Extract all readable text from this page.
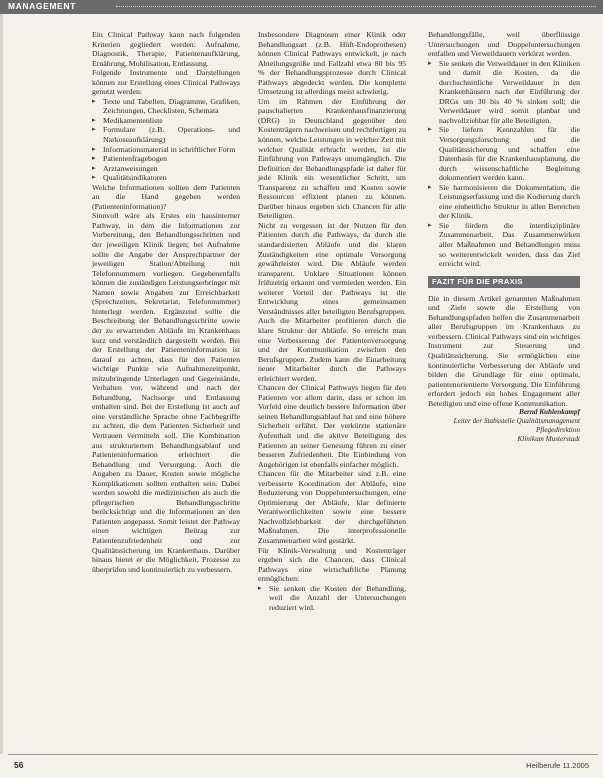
MANAGEMENT

Ein Clinical Pathway kann nach folgenden Kriterien gegliedert werden: Aufnahme, Diagnostik, Therapie, Patientenaufklärung, Ernährung, Mobilisation, Entlassung.

Folgende Instrumente und Darstellungen können zur Erstellung eines Clinical Pathways genutzt werden:

▸ Texte und Tabellen, Diagramme, Grafiken, Zeichnungen, Checklisten, Schemata
▸ Medikamentenliste
▸ Formulare (z.B. Operations- und Narkoseaufklärung)
▸ Informationsmaterial in schriftlicher Form
▸ Patientenfragebogen
▸ Arztanweisungen
▸ Qualitätsindikatoren

Welche Informationen sollten dem Patienten an die Hand gegeben werden (Patienteninformation)?

Sinnvoll wäre als Erstes ein hausinterner Pathway, in dem die Informationen zur Vorbereitung, den Behandlungsschritten und der jeweiligen Klinik liegen; bei Aufnahme sollte die Angabe der Ansprechpartner der jeweiligen Station/Abteilung mit Telefonnummern vorliegen. Gegebenenfalls können die zuständigen Leistungserbringer mit Namen sowie Angaben zur Erreichbarkeit (Sprechzeiten, Sekretariat, Telefonnummer) hinterlegt werden. Ergänzend sollte die Beschreibung der Behandlungsschritte sowie der zu erwartenden Abläufe im Krankenhaus kurz und verständlich dargestellt werden. Bei der Erstellung der Patienteninformation ist darauf zu achten, dass für den Patienten wichtige Punkte wie Aufnahmezeitpunkt, mitzubringende Unterlagen und Gegenstände, Verhalten vor, während und nach der Behandlung, Nachsorge und Entlassung enthalten sind. Bei der Erstellung ist auch auf eine verständliche Sprache ohne Fachbegriffe zu achten, die dem Patienten Sicherheit und Vertrauen vermitteln soll. Die Kombination aus strukturiertem Behandlungsablauf und Patienteninformation erleichtert die Behandlung und Versorgung. Auch die Angaben zu Dauer, Kosten sowie mögliche Komplikationen sollten enthalten sein. Dabei werden sowohl die medizinischen als auch die pflegerischen Behandlungsschritte berücksichtigt und die Informationen an den Patienten angepasst. Somit leistet der Pathway einen wichtigen Beitrag zur Patientenzufriedenheit und zur Qualitätssicherung im Krankenhaus. Darüber hinaus bietet er die Möglichkeit, Prozesse zu überprüfen und kontinuierlich zu verbessern.

Insbesondere Diagnosen einer Klinik oder Behandlungsart (z.B. Hüft-Endoprothesen) können Clinical Pathways entwickelt, je nach Abteilungsgröße und Fallzahl etwa 80 bis 95 % der Behandlungsprozesse durch Clinical Pathways abgedeckt werden. Die komplette Umsetzung ist allerdings meist schwierig.

Um im Rahmen der Einführung der pauschalierten Krankenhausfinanzierung (DRG) in Deutschland gegenüber den Kostenträgern nachweisen und rechtfertigen zu können, welche Leistungen in welcher Zeit mit welcher Qualität erbracht werden, ist die Einführung von Pathways unumgänglich. Die Definition der Behandlungspfade ist daher für jede Klinik ein wesentlicher Schritt, um Transparenz zu schaffen und Kosten sowie Ressourcen effizient planen zu können. Darüber hinaus ergeben sich Chancen für alle Beteiligten.

Nicht zu vergessen ist der Nutzen für den Patienten durch die Pathways, da durch die standardisierten Abläufe und die klaren Zuständigkeiten eine optimale Versorgung gewährleistet wird. Die Abläufe werden transparent. Unklare Situationen können frühzeitig erkannt und vermieden werden. Ein weiterer Vorteil der Pathways ist die Entwicklung eines gemeinsamen Verständnisses aller beteiligten Berufsgruppen. Auch die Mitarbeiter profitieren durch die klare Struktur der Abläufe. So erreicht man eine Verbesserung der Patientenversorgung und der Kommunikation zwischen den Berufsgruppen. Zudem kann die Einarbeitung neuer Mitarbeiter durch die Pathways erleichtert werden.

Chancen der Clinical Pathways liegen für den Patienten vor allem darin, dass er schon im Vorfeld eine deutlich bessere Information über seinen Behandlungsablauf hat und eine höhere Sicherheit erfährt. Der verkürzte stationäre Aufenthalt und die aktive Beteiligung des Patienten an seiner Genesung führen zu einer besseren Zufriedenheit. Die Einbindung von Angehörigen ist ebenfalls einfacher möglich.

Chancen für die Mitarbeiter sind z.B. eine verbesserte Koordination der Abläufe, eine Reduzierung von Doppeluntersuchungen, eine Optimierung der Abläufe, klar definierte Verantwortlichkeiten sowie eine bessere Nachvollziehbarkeit der durchgeführten Maßnahmen. Die interprofessionelle Zusammenarbeit wird gestärkt.

Für Klinik-Verwaltung und Kostenträger ergeben sich die Chancen, dass Clinical Pathways eine wirtschaftliche Planung ermöglichen:

▸ Sie senken die Kosten der Behandlung, weil die Anzahl der Untersuchungen reduziert wird.

Behandlungsfälle, weil überflüssige Untersuchungen und Doppeluntersuchungen entfallen und Verweildauern verkürzt werden.

▸ Sie senken die Verweildauer in den Kliniken und damit die Kosten, da die durchschnittliche Verweildauer in den Krankenhäusern nach der Einführung der DRGs um 30 bis 40 % sinken soll; die Verweildauer wird somit planbar und nachvollziehbar für alle Beteiligten.
▸ Sie liefern Kennzahlen für die Versorgungsforschung und die Qualitätssicherung und schaffen eine Datenbasis für die Krankenhausplanung, die durch wissenschaftliche Begleitung dokumentiert werden kann.
▸ Sie harmonisieren die Dokumentation, die Leistungserfassung und die Kodierung durch eine einheitliche Struktur in allen Bereichen der Klinik.
▸ Sie fördern die interdisziplinäre Zusammenarbeit. Das Zusammenwirken aller Maßnahmen und Behandlungen muss so weiterentwickelt werden, dass das Ziel erreicht wird.
FAZIT FÜR DIE PRAXIS

Die in diesem Artikel genannten Maßnahmen und Ziele sowie die Erstellung von Behandlungspfaden helfen die Zusammenarbeit aller Berufsgruppen im Krankenhaus zu verbessern. Clinical Pathways sind ein wichtiges Instrument zur Steuerung und Qualitätssicherung. Sie ermöglichen eine kontinuierliche Verbesserung der Abläufe und bilden die Grundlage für eine optimale, patientenorientierte Versorgung. Die Einführung erfordert jedoch ein hohes Engagement aller Beteiligten und eine offene Kommunikation.

Bernd Kuhlenkampf
Leiter der Stabsstelle Qualitätsmanagement
Pflegedirektion
Klinikum Musterstadt
56	Heilberufe 11.2005
